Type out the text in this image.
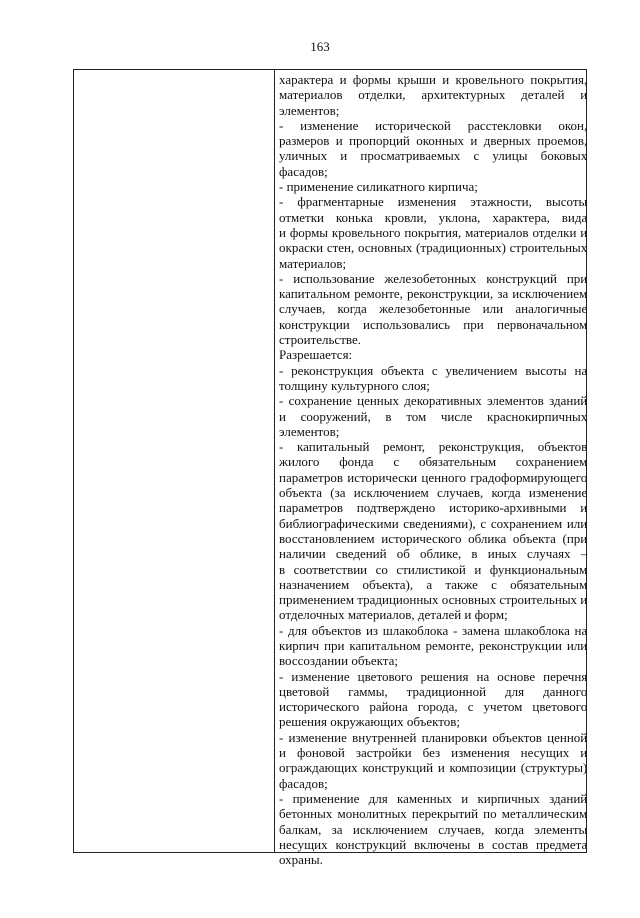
163
характера и формы крыши и кровельного покрытия,
материалов отделки, архитектурных деталей и
элементов;
- изменение исторической расстекловки окон,
размеров и пропорций оконных и дверных проемов,
уличных и просматриваемых с улицы боковых
фасадов;
- применение силикатного кирпича;
- фрагментарные изменения этажности, высоты
отметки конька кровли, уклона, характера, вида
и формы кровельного покрытия, материалов отделки и
окраски стен, основных (традиционных) строительных
материалов;
- использование железобетонных конструкций при
капитальном ремонте, реконструкции, за исключением
случаев, когда железобетонные или аналогичные
конструкции использовались при первоначальном
строительстве.
Разрешается:
- реконструкция объекта с увеличением высоты на
толщину культурного слоя;
- сохранение ценных декоративных элементов зданий
и сооружений, в том числе краснокирпичных
элементов;
- капитальный ремонт, реконструкция, объектов
жилого фонда с обязательным сохранением
параметров исторически ценного градоформирующего
объекта (за исключением случаев, когда изменение
параметров подтверждено историко-архивными и
библиографическими сведениями), с сохранением или
восстановлением исторического облика объекта (при
наличии сведений об облике, в иных случаях –
в соответствии со стилистикой и функциональным
назначением объекта), а также с обязательным
применением традиционных основных строительных и
отделочных материалов, деталей и форм;
- для объектов из шлакоблока - замена шлакоблока на
кирпич при капитальном ремонте, реконструкции или
воссоздании объекта;
- изменение цветового решения на основе перечня
цветовой гаммы, традиционной для данного
исторического района города, с учетом цветового
решения окружающих объектов;
- изменение внутренней планировки объектов ценной
и фоновой застройки без изменения несущих и
ограждающих конструкций и композиции (структуры)
фасадов;
- применение для каменных и кирпичных зданий
бетонных монолитных перекрытий по металлическим
балкам, за исключением случаев, когда элементы
несущих конструкций включены в состав предмета
охраны.
